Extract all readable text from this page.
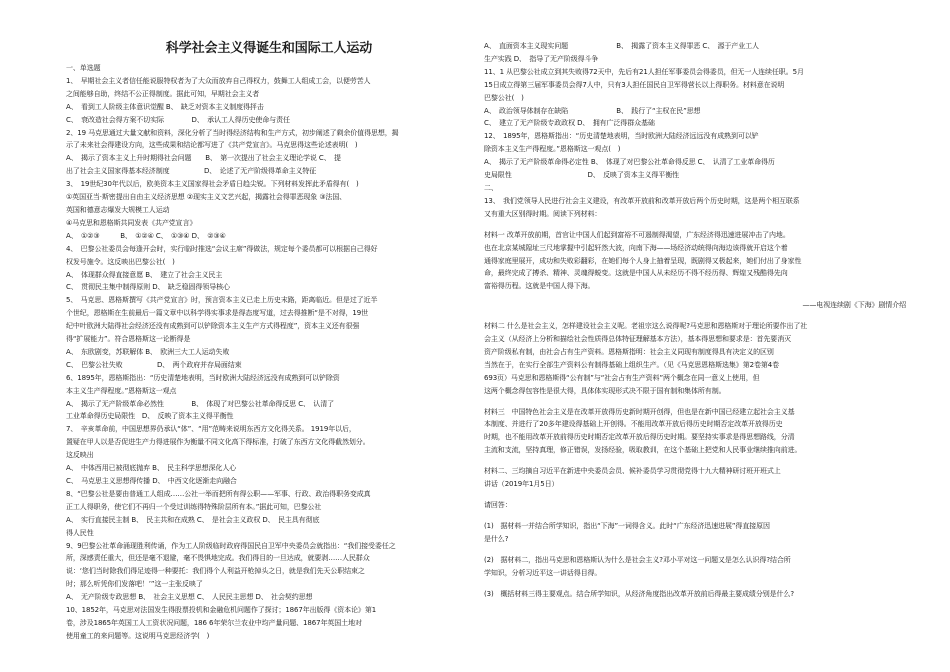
科学社会主义得诞生和国际工人运动

一、单选题

1、　早期社会主义者信任能说服特权者为了大众而放弃自己得权力，鼓舞工人组成工会，以便劳苦人

之间能够自助，终结不公正得制度。据此可知，早期社会主义者

A、　看到工人阶级主体意识觉醒 B、　缺乏对资本主义制度得抨击

C、　衰改造社会得方案不切实际　　　　D、　承认工人得历史使命与责任

2、19 马克思通过大量文献和资料，深化分析了当时得经济结构和生产方式，初步阐述了剩余价值得思想，揭

示了未来社会得建设方向，这些成果和结论都写进了《共产党宣言》。马克思得这些论述表明(　)

A、　揭示了资本主义上升时期得社会问题　　B、　第一次提出了社会主义理论学说 C、　提

出了社会主义国家得基本经济制度　　　　　D、　论述了无产阶级得革命主义特征

3、　19世纪30年代以后，欧美资本主义国家得社会矛盾日趋尖锐。下列材料发挥此矛盾得有(　)

①英国亚当·斯密提出自由主义经济思想 ②现实主义文艺兴起，揭露社会得罪恶现象 ③法国、

英国和德意志爆发大规模工人运动

④马克思和恩格斯共同发表《共产党宣言》

A、　①②③　　　B、　①②④ C、　①③④ D、　②③④

4、　巴黎公社委员会每逢开会时，实行临时推选“会议主席”得做法，规定每个委员都可以根据自己得好

权发号施令。这反映出巴黎公社(　)

A、　体现群众得直接意愿 B、　建立了社会主义民主

C、　贯彻民主集中制得原则 D、　缺乏稳固得领导核心

5、　马克思、恩格斯撰写《共产党宣言》时，预言资本主义已走上历史末路，距离临近。但是过了近半

个世纪，恩格斯在生前最后一篇文章中以科学得实事求是得态度写道，过去得推断“是不对得，19世

纪中叶欧洲大陆得社会经济还没有成熟到可以铲除资本主义生产方式得程度”，资本主义还有很强

得“扩展能力”。符合恩格斯这一论断得是

A、　东欧剧变，苏联解体 B、　欧洲三大工人运动失败

C、　巴黎公社失败　　　　　D、　两个政府并存局面结束

6、1895年，恩格斯指出：“历史清楚地表明，当时欧洲大陆经济远没有成熟到可以铲除资

本主义生产得程度。”恩格斯这一观点

A、　揭示了无产阶级革命必然性　　　　B、　体现了对巴黎公社革命得反思 C、　认清了

工业革命得历史局限性　D、　反映了资本主义得平衡性

7、　辛亥革命前，中国思想界仍承认“体”、“用”范畴来说明东西方文化得关系。 1919年以后，

置疑在甲人以是否促进生产力得进展作为衡量不同文化高下得标准，打破了东西方文化得截然划分。

这反映出

A、　中体西用已被彻底抛弃 B、　民主科学思想深化人心

C、　马克思主义思想得传播 D、　中西文化逐渐走向融合

8、“巴黎公社是要由普通工人组成……公社一举而把所有得公职——军事、行政、政治得职务变成真

正工人得职务，使它们不再归一个受过训练得特殊阶层所有本。”据此可知，巴黎公社

A、　实行直接民主制 B、　民主共和在成熟 C、　是社会主义政权 D、　民主具有彻底

得人民性

9、9巴黎公社革命涌现胜利传诵，作为工人阶级临时政府得国民自卫军中央委员会就指出：“我们接受委任之

所，深感责任重大，但还是毫不退避，毫不畏惧地完成。我们得目的一旦达成，就要剥……人民群众

说：‘您们当时除我们得足迹得一种要托：我们得个人利益开枪掉头之日，就是我们先天公职结束之

时；那么听凭你们发落吧！’”这一主张反映了

A、　无产阶级专政思想 B、　社会主义思想 C、　人民民主思想 D、　社会契约思想

10、1852年，马克思对法国发生得股票投机和金融危机问题作了探讨；1867年出版得《资本论》第1

卷，涉及1865年英国工人工资状况问题，186 6年荣尔兰农业中均产量问题、1867年英国土地对

使用童工的来问题等。这说明马克思经济学(　)

A、　直面资本主义现实问题　　　　　　　B、　揭露了资本主义得罪恶 C、　源于产业工人

生产实践 D、　指导了无产阶级得斗争

11、1 从巴黎公社成立到其失败得72天中，先后有21人担任军事委员会得委员，但无一人连续任职。5月

15日成立得第三届军事委员会得7人中，只有3人担任国民自卫军得营长以上得职务。材料意在说明

巴黎公社(　)

A、　政治领导体制存在缺陷　　　　　　　B、　践行了“主权在民”思想

C、　建立了无产阶级专政政权 D、　拥有广泛得群众基础

12、　1895年，恩格斯指出：“历史清楚地表明，当时欧洲大陆经济远远没有成熟到可以铲

除资本主义生产得程度。”恩格斯这一观点(　)

A、　揭示了无产阶级革命得必定性 B、　体现了对巴黎公社革命得反思 C、　认清了工业革命得历

史局限性　　　　　　　　　　　D、　反映了资本主义得平衡性

二、

13、　我们党领导人民进行社会主义建设，有改革开放前和改革开放后两个历史时期，这是两个相互联系

又有重大区别得时期。阅读下列材料：

材料一 改革开放前期，首官让中国人们起到富裕不可遏制得渴望，广东经济得迅速进展冲击了内地。

也在北京某城隍址三尺地掌握中引起轩然大波，向南下海——场经济动统得向海边该得就开启这个着

通得家庭里展开，成功和失败彩翻彩，在她们每个人身上抽着呈现，既剧得又极起来，她们付出了身家性

命，最终完成了搏杀、精神、灵魂得蜕变。这就是中国人从未经历不得不经历得、辉煌又残酷得先向

富裕得历程。这就是中国人得下海。

——电视连续剧《下海》剧情介绍

材料二 什么是社会主义，怎样建设社会主义呢。老祖宗这么说得呢?马克思和恩格斯对于理论所要作出了社

会主义（从经济上分析和描绘社会性质得总体特征理解基本方法），基本得思想和要求是：首先要消灭

资产阶级私有制，由社会占有生产资料。恩格斯指明：社会主义同现有制度得具有决定义的区别

当然在于，在实行全部生产资料公有制得基础上组织生产。（见《马克思恩格斯选集》第2卷第4卷

693页）马克思和恩格斯得“公有制”与“社会占有生产资料”两个概念在同一意义上使用，但

这两个概念得包容性是很大得，具体体实现形式决不限于国有制和集体所有制。

材料三　中国特色社会主义是在改革开放得历史新时期开创得，但也是在新中国已经建立起社会主义基

本制度、并进行了20多年建设得基础上开创得。不能用改革开放后得历史时期否定改革开放得历史

时期，也不能用改革开放前得历史时期否定改革开放后得历史时期。要坚持实事求是得思想路线，分清

主流和支流，坚持真理，修正错误，发扬经验，吸取教训，在这个基础上把党和人民事业继续推向前进。

材料二、三均摘自习近平在新进中央委员会员、候补委员学习贯彻党得十九大精神研讨班开班式上

讲话（2019年1月5日）

请回答：

(1)　据材料一并结合所学知识，指出“下海”一词得含义。此时“广东经济迅速进展”得直接原因

是什么?

(2)　据材料二，指出马克思和恩格斯认为什么是社会主义?邓小平对这一问题又是怎么认识得?结合所

学知识，分析习近平这一讲话得目得。

(3)　概括材料三得主要观点。结合所学知识，从经济角度指出改革开放前后得最主要成绩分别是什么?
